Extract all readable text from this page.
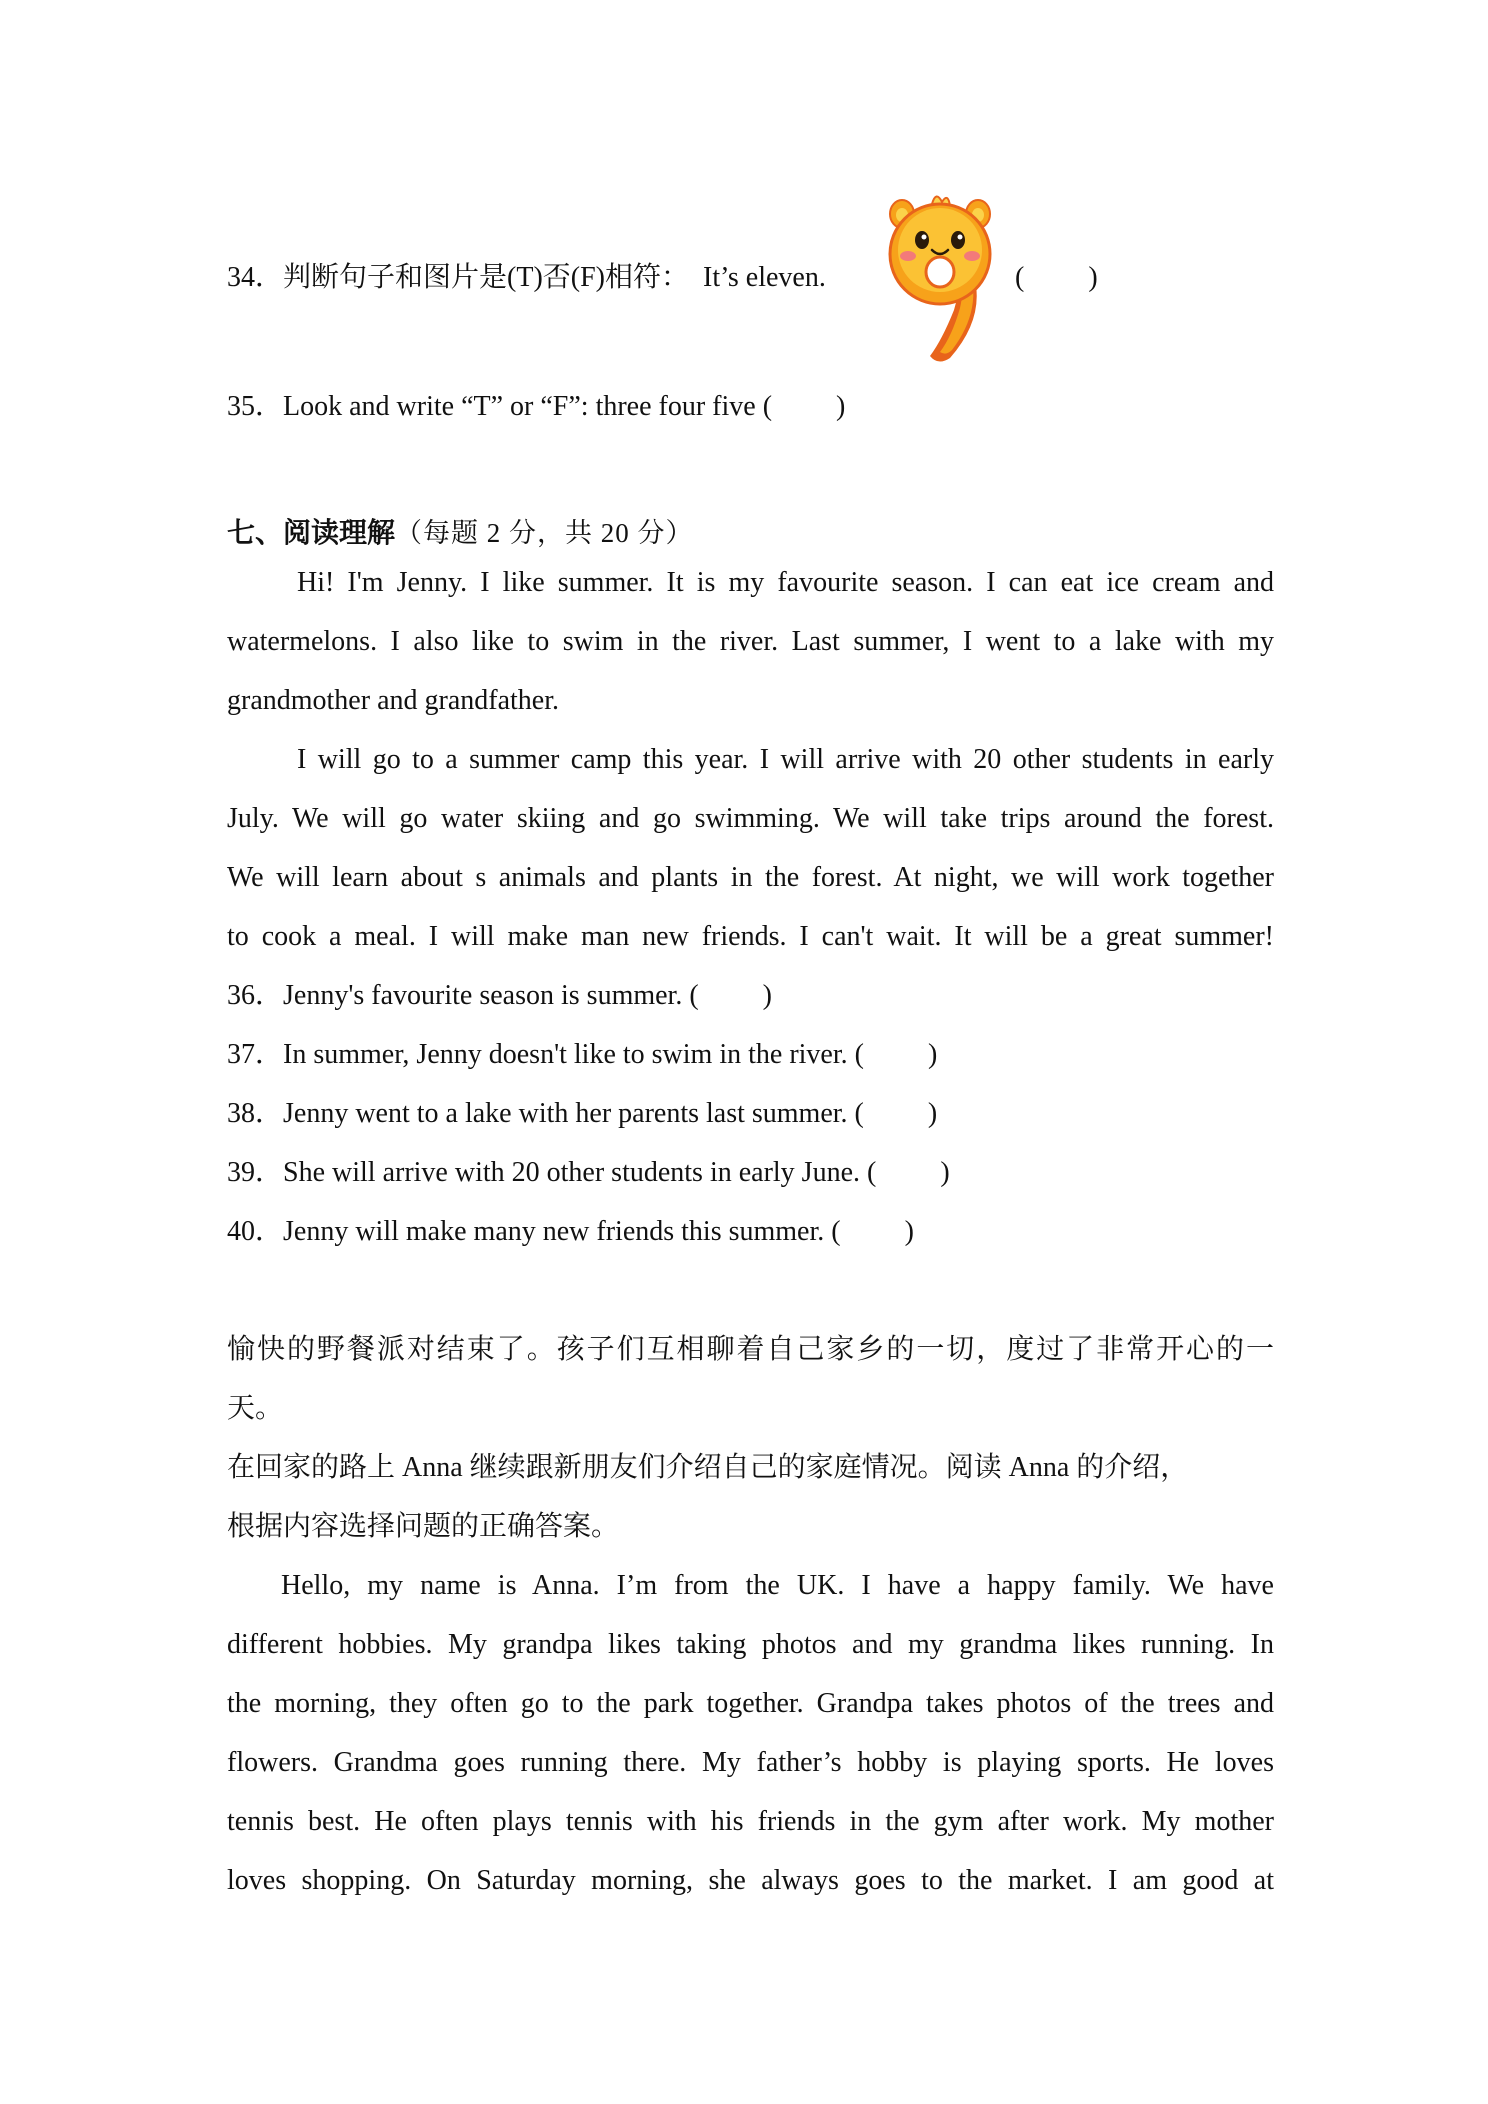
34．判断句子和图片是(T)否(F)相符： It’s eleven.	( )
35．Look and write “T” or “F”: three four five ( )
七、阅读理解（每题 2 分，共 20 分）
Hi! I'm Jenny. I like summer. It is my favourite season. I can eat ice cream and
watermelons. I also like to swim in the river. Last summer, I went to a lake with my
grandmother and grandfather.
I will go to a summer camp this year. I will arrive with 20 other students in early
July. We will go water skiing and go swimming. We will take trips around the forest.
We will learn about s animals and plants in the forest. At night, we will work together
to cook a meal. I will make man new friends. I can't wait. It will be a great summer!
36．Jenny's favourite season is summer. ( )
37．In summer, Jenny doesn't like to swim in the river. ( )
38．Jenny went to a lake with her parents last summer. ( )
39．She will arrive with 20 other students in early June. ( )
40．Jenny will make many new friends this summer. ( )
愉快的野餐派对结束了。孩子们互相聊着自己家乡的一切，度过了非常开心的一
天。
在回家的路上 Anna 继续跟新朋友们介绍自己的家庭情况。阅读 Anna 的介绍，
根据内容选择问题的正确答案。
Hello, my name is Anna. I’m from the UK. I have a happy family. We have
different hobbies. My grandpa likes taking photos and my grandma likes running. In
the morning, they often go to the park together. Grandpa takes photos of the trees and
flowers. Grandma goes running there. My father’s hobby is playing sports. He loves
tennis best. He often plays tennis with his friends in the gym after work. My mother
loves shopping. On Saturday morning, she always goes to the market. I am good at
